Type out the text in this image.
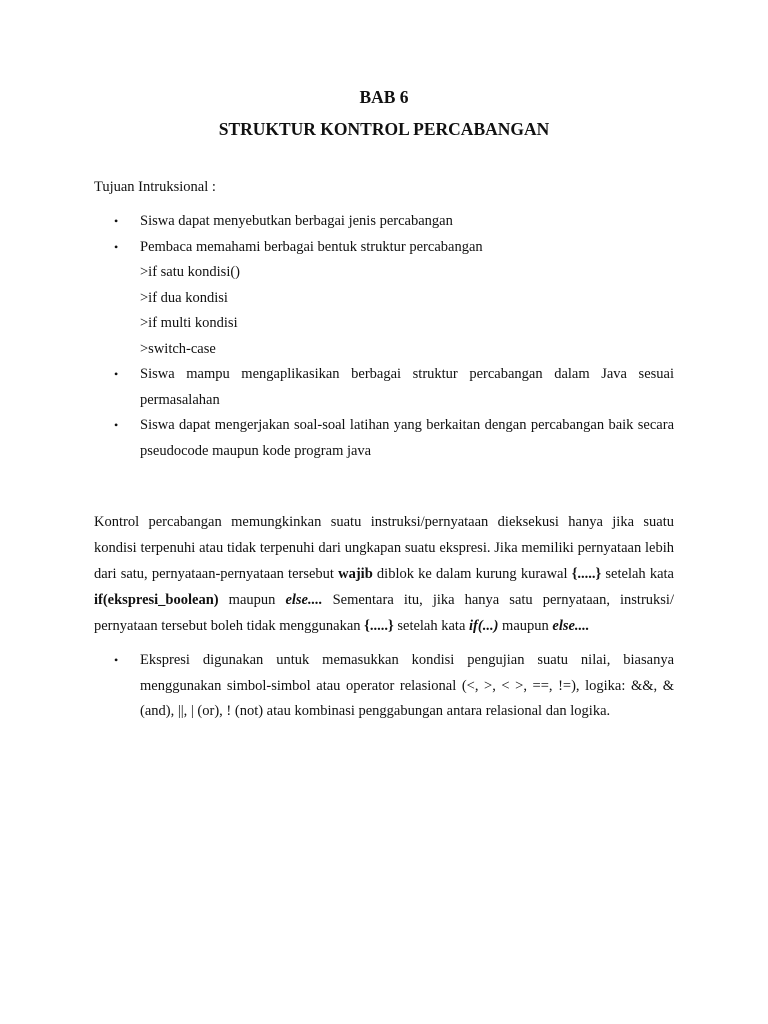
BAB 6
STRUKTUR KONTROL PERCABANGAN
Tujuan Intruksional :
• Siswa dapat menyebutkan berbagai jenis percabangan
• Pembaca memahami berbagai bentuk struktur percabangan
>if satu kondisi()
>if dua kondisi
>if multi kondisi
>switch-case
• Siswa mampu mengaplikasikan berbagai struktur percabangan dalam Java sesuai permasalahan
• Siswa dapat mengerjakan soal-soal latihan yang berkaitan dengan percabangan baik secara pseudocode maupun kode program java
Kontrol percabangan memungkinkan suatu instruksi/pernyataan dieksekusi hanya jika suatu kondisi terpenuhi atau tidak terpenuhi dari ungkapan suatu ekspresi. Jika memiliki pernyataan lebih dari satu, pernyataan-pernyataan tersebut wajib diblok ke dalam kurung kurawal {.....} setelah kata if(ekspresi_boolean) maupun else.... Sementara itu, jika hanya satu pernyataan, instruksi/ pernyataan tersebut boleh tidak menggunakan {.....} setelah kata if(...) maupun else....
• Ekspresi digunakan untuk memasukkan kondisi pengujian suatu nilai, biasanya menggunakan simbol-simbol atau operator relasional (<, >, < >, ==, !=), logika: &&, & (and), ||, | (or), ! (not) atau kombinasi penggabungan antara relasional dan logika.
